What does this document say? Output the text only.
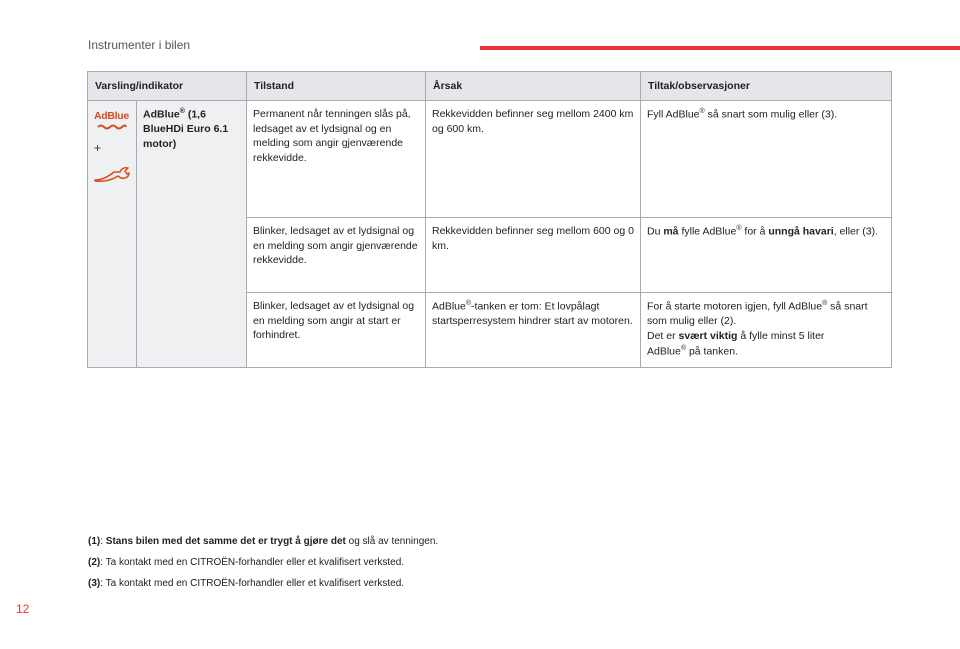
Instrumenter i bilen
Varsling/indikator		Tilstand	Årsak	Tiltak/observasjoner

AdBlue
+	AdBlue® (1,6 BlueHDi Euro 6.1 motor)	Permanent når tenningen slås på, ledsaget av et lydsignal og en melding som angir gjenværende rekkevidde.	Rekkevidden befinner seg mellom 2400 km og 600 km.	Fyll AdBlue® så snart som mulig eller (3).
		Blinker, ledsaget av et lydsignal og en melding som angir gjenværende rekkevidde.	Rekkevidden befinner seg mellom 600 og 0 km.	Du må fylle AdBlue® for å unngå havari, eller (3).
		Blinker, ledsaget av et lydsignal og en melding som angir at start er forhindret.	AdBlue®-tanken er tom: Et lovpålagt startsperresystem hindrer start av motoren.	For å starte motoren igjen, fyll AdBlue® så snart som mulig eller (2).
Det er svært viktig å fylle minst 5 liter
AdBlue® på tanken.
(1): Stans bilen med det samme det er trygt å gjøre det og slå av tenningen.
(2): Ta kontakt med en CITROËN-forhandler eller et kvalifisert verksted.
(3): Ta kontakt med en CITROËN-forhandler eller et kvalifisert verksted.
12
